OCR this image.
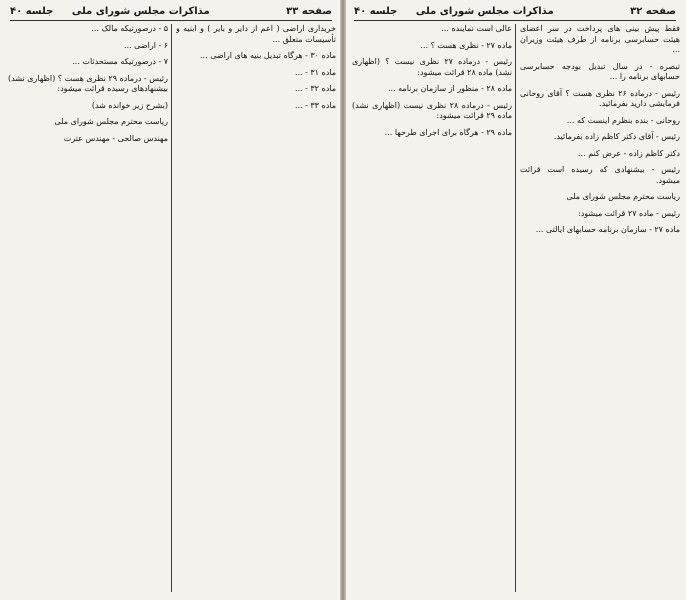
صفحه ۳۳
مذاکرات مجلس شورای ملی
جلسه ۴۰

خریداری اراضی ( اعم از دایر و بایر ) و ابنیه و تأسیسات متعلق ...

ماده ۳۰ - هرگاه تبدیل بنیه های اراضی ...

ماده ۳۱ - ...

ماده ۳۲ - ...

ماده ۳۳ - ...

۵ - درصورتیکه مالک ...

۶ - اراضی ...

۷ - درصورتیکه مستحدثات ...

رئیس - درماده ۲۹ نظری هست ؟ (اظهاری نشد) بیشنهادهای رسیده قرائت میشود:

(بشرح زیر خوانده شد)

ریاست محترم مجلس شورای ملی

مهندس صالحی - مهندس عترت

صفحه ۳۲
مذاکرات مجلس شورای ملی
جلسه ۴۰

فقط پیش بینی های پرداخت در سر اعضای هیئت حسابرسی برنامه از طرف هیئت وزیران ...

تبصره - در سال تبدیل بودجه حسابرسی حسابهای برنامه را ...

رئیس - درماده ۲۶ نظری هست ؟ آقای روحانی فرمایشی دارید بفرمائید.

روحانی - بنده بنظرم اینست که ...

رئیس - آقای دکتر کاظم زاده بفرمائید.

دکتر کاظم زاده - عرض کنم ...

رئیس - بیشنهادی که رسیده است قرائت میشود.

ریاست محترم مجلس شورای ملی

رئیس - ماده ۲۷ قرائت میشود:

ماده ۲۷ - سازمان برنامه حسابهای ایالتی ...

عالی است نماینده ...

ماده ۲۷ - نظری هست ؟ ...

رئیس - درماده ۲۷ نظری نیست ؟ (اظهاری نشد) ماده ۲۸ قرائت میشود:

ماده ۲۸ - منظور از سازمان برنامه ...

رئیس - درماده ۲۸ نظری نیست (اظهاری نشد) ماده ۲۹ قرائت میشود:

ماده ۲۹ - هرگاه برای اجرای طرحها ...
